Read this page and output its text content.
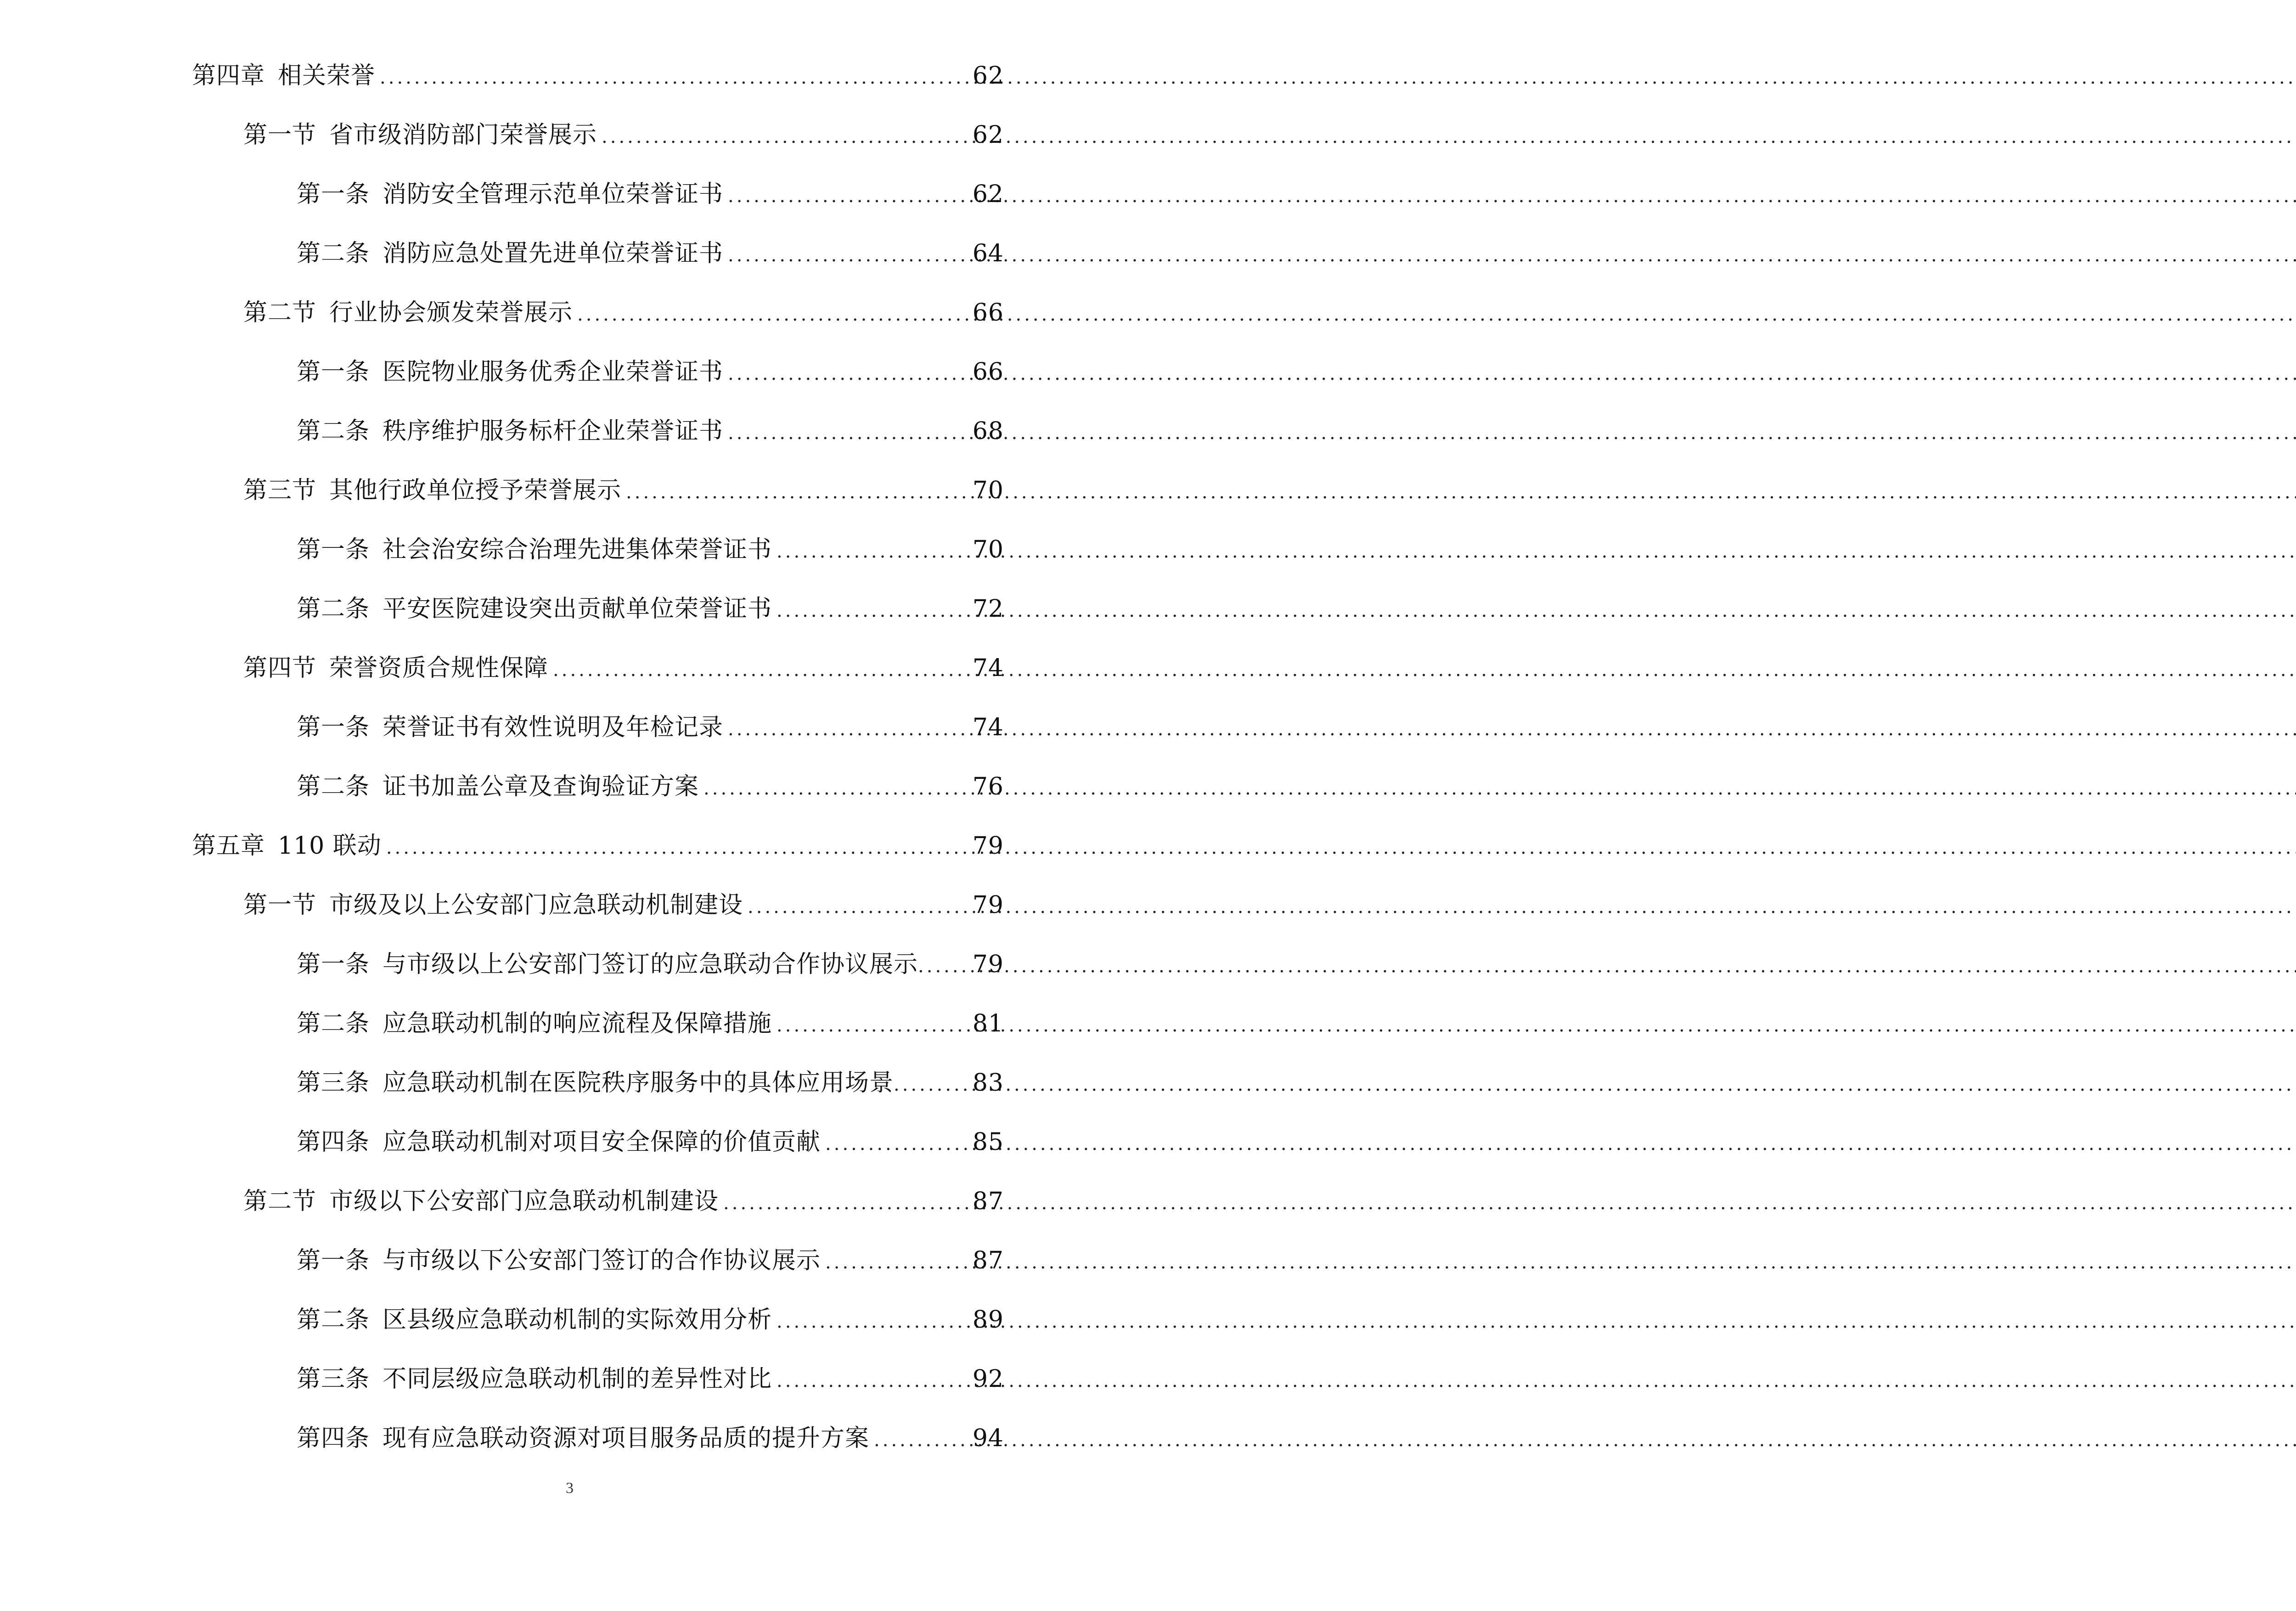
第四章 相关荣誉 .....	62
第一节 省市级消防部门荣誉展示 .....	62
第一条 消防安全管理示范单位荣誉证书 .....	62
第二条 消防应急处置先进单位荣誉证书 .....	64
第二节 行业协会颁发荣誉展示 .....	66
第一条 医院物业服务优秀企业荣誉证书 .....	66
第二条 秩序维护服务标杆企业荣誉证书 .....	68
第三节 其他行政单位授予荣誉展示 .....	70
第一条 社会治安综合治理先进集体荣誉证书 .....	70
第二条 平安医院建设突出贡献单位荣誉证书 .....	72
第四节 荣誉资质合规性保障 .....	74
第一条 荣誉证书有效性说明及年检记录 .....	74
第二条 证书加盖公章及查询验证方案 .....	76
第五章 110 联动 .....	79
第一节 市级及以上公安部门应急联动机制建设 .....	79
第一条 与市级以上公安部门签订的应急联动合作协议展示 ..... 79
第二条 应急联动机制的响应流程及保障措施 .....	81
第三条 应急联动机制在医院秩序服务中的具体应用场景 .....	83
第四条 应急联动机制对项目安全保障的价值贡献 .....	85
第二节 市级以下公安部门应急联动机制建设 .....	87
第一条 与市级以下公安部门签订的合作协议展示 .....	87
第二条 区县级应急联动机制的实际效用分析 .....	89
第三条 不同层级应急联动机制的差异性对比 .....	92
第四条 现有应急联动资源对项目服务品质的提升方案 .....	94
3
